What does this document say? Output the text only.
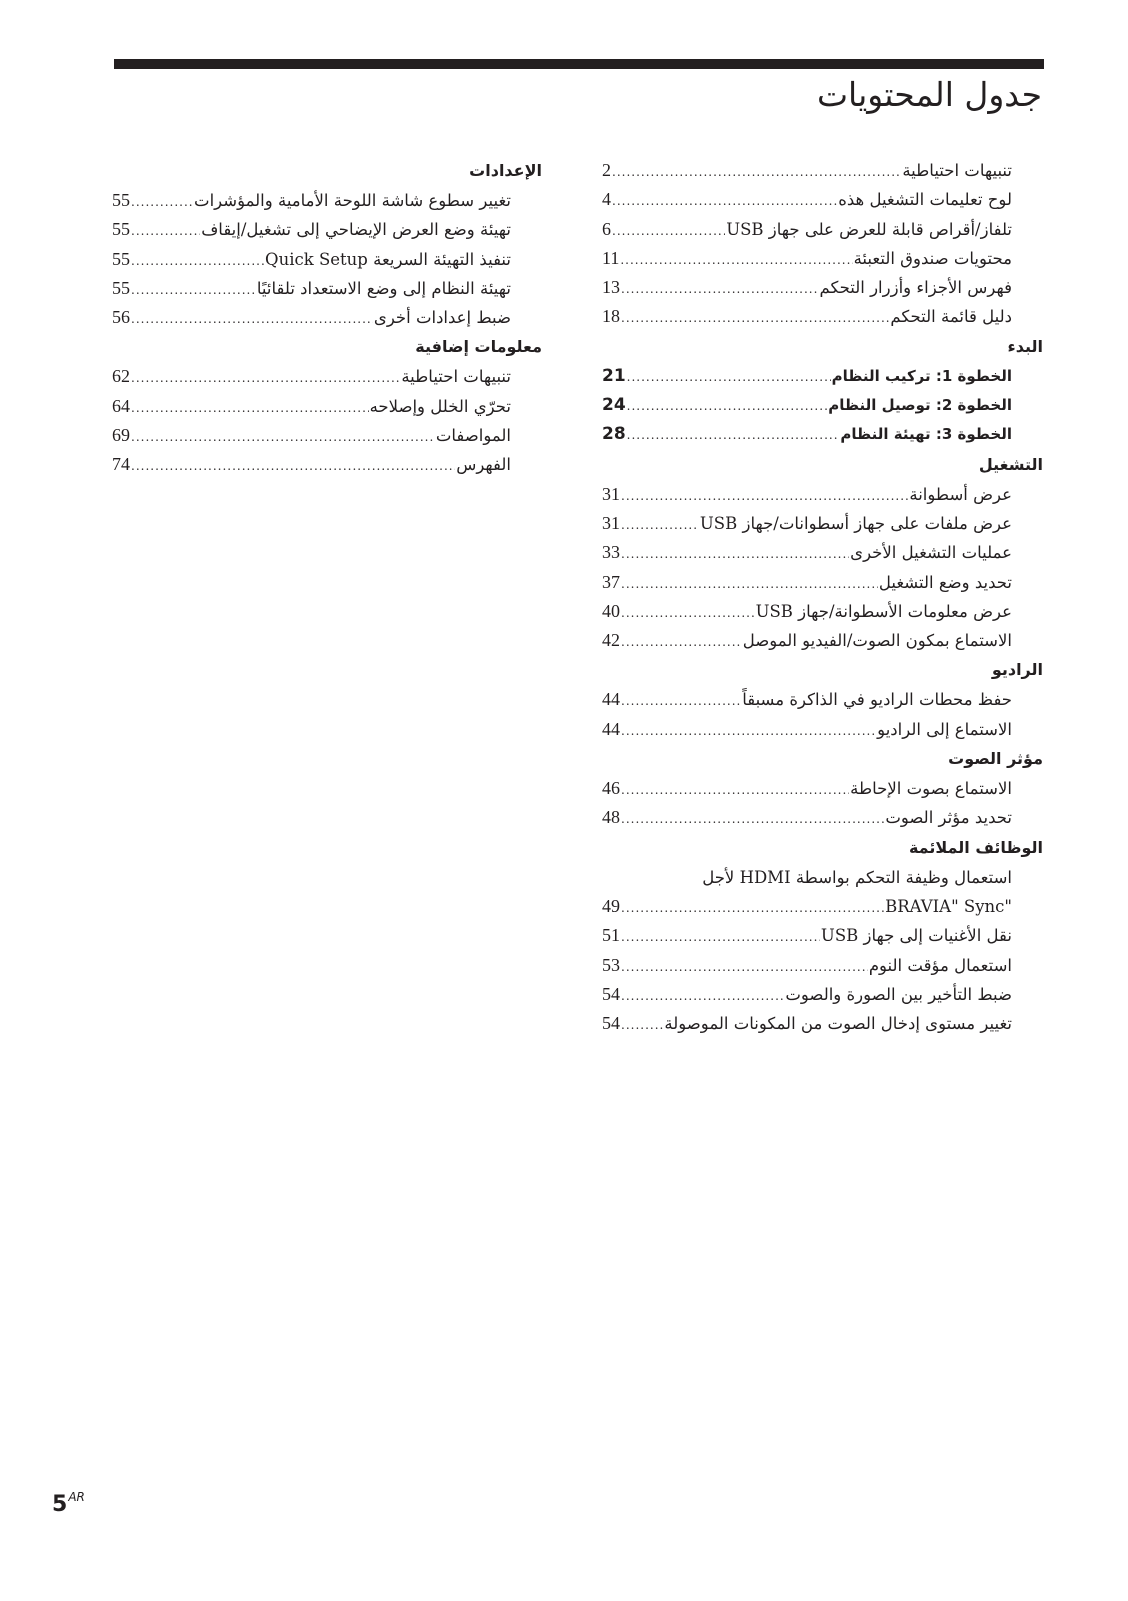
جدول المحتويات
2 .....	تنبيهات احتياطية
4 .....	لوح تعليمات التشغيل هذه
6 .....	تلفاز/أقراص قابلة للعرض على جهاز USB
11 .....	محتويات صندوق التعبئة
13 .....	فهرس الأجزاء وأزرار التحكم
18 .....	دليل قائمة التحكم
البدء
21 .....	الخطوة 1: تركيب النظام
24 .....	الخطوة 2: توصيل النظام
28 .....	الخطوة 3: تهيئة النظام
التشغيل
31 .....	عرض أسطوانة
31 .....	عرض ملفات على جهاز أسطوانات/جهاز USB
33 .....	عمليات التشغيل الأخرى
37 .....	تحديد وضع التشغيل
40 .....	عرض معلومات الأسطوانة/جهاز USB
42 .....	الاستماع بمكون الصوت/الفيديو الموصل
الراديو
44 .....	حفظ محطات الراديو في الذاكرة مسبقاً
44 .....	الاستماع إلى الراديو
مؤثر الصوت
46 .....	الاستماع بصوت الإحاطة
48 .....	تحديد مؤثر الصوت
الوظائف الملائمة
استعمال وظيفة التحكم بواسطة HDMI لأجل
49 .....	"BRAVIA" Sync
51 .....	نقل الأغنيات إلى جهاز USB
53 .....	استعمال مؤقت النوم
54 .....	ضبط التأخير بين الصورة والصوت
54 .....	تغيير مستوى إدخال الصوت من المكونات الموصولة
الإعدادات
55 .....	تغيير سطوع شاشة اللوحة الأمامية والمؤشرات
55 .....	تهيئة وضع العرض الإيضاحي إلى تشغيل/إيقاف
55 .....	تنفيذ التهيئة السريعة Quick Setup
55 .....	تهيئة النظام إلى وضع الاستعداد تلقائيًا
56 .....	ضبط إعدادات أخرى
معلومات إضافية
62 .....	تنبيهات احتياطية
64 .....	تحرّي الخلل وإصلاحه
69 .....	المواصفات
74 .....	الفهرس
$5^{AR}$
